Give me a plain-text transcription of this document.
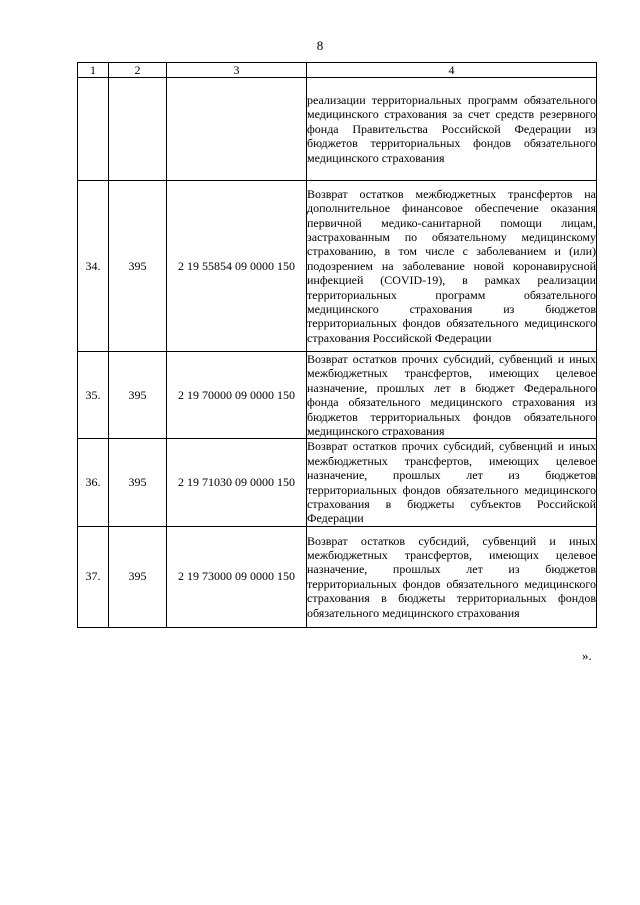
8
1	2	3	4
			реализации территориальных программ обязательного медицинского страхования за счет средств резервного фонда Правительства Российской Федерации из бюджетов территориальных фондов обязательного медицинского страхования
34.	395	2 19 55854 09 0000 150	Возврат остатков межбюджетных трансфертов на дополнительное финансовое обеспечение оказания первичной медико-санитарной помощи лицам, застрахованным по обязательному медицинскому страхованию, в том числе с заболеванием и (или) подозрением на заболевание новой коронавирусной инфекцией (COVID-19), в рамках реализации территориальных программ обязательного медицинского страхования из бюджетов территориальных фондов обязательного медицинского страхования Российской Федерации
35.	395	2 19 70000 09 0000 150	Возврат остатков прочих субсидий, субвенций и иных межбюджетных трансфертов, имеющих целевое назначение, прошлых лет в бюджет Федерального фонда обязательного медицинского страхования из бюджетов территориальных фондов обязательного медицинского страхования
36.	395	2 19 71030 09 0000 150	Возврат остатков прочих субсидий, субвенций и иных межбюджетных трансфертов, имеющих целевое назначение, прошлых лет из бюджетов территориальных фондов обязательного медицинского страхования в бюджеты субъектов Российской Федерации
37.	395	2 19 73000 09 0000 150	Возврат остатков субсидий, субвенций и иных межбюджетных трансфертов, имеющих целевое назначение, прошлых лет из бюджетов территориальных фондов обязательного медицинского страхования в бюджеты территориальных фондов обязательного медицинского страхования
».
